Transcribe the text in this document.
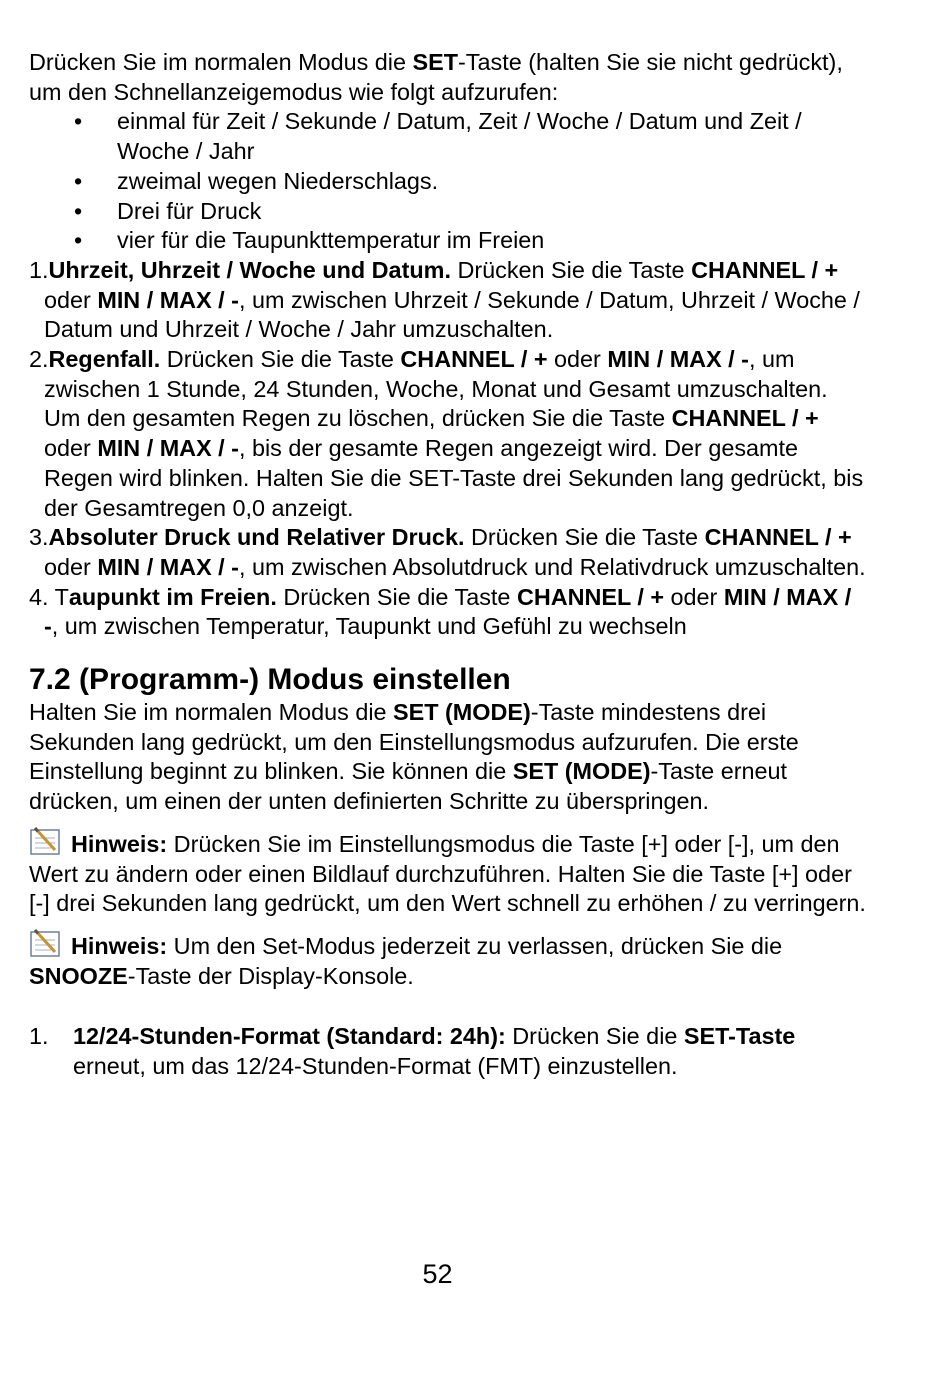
Drücken Sie im normalen Modus die SET-Taste (halten Sie sie nicht gedrückt), um den Schnellanzeigemodus wie folgt aufzurufen:

• einmal für Zeit / Sekunde / Datum, Zeit / Woche / Datum und Zeit / Woche / Jahr
• zweimal wegen Niederschlags.
• Drei für Druck
• vier für die Taupunkttemperatur im Freien

1.Uhrzeit, Uhrzeit / Woche und Datum. Drücken Sie die Taste CHANNEL / + oder MIN / MAX / -, um zwischen Uhrzeit / Sekunde / Datum, Uhrzeit / Woche / Datum und Uhrzeit / Woche / Jahr umzuschalten.

2.Regenfall. Drücken Sie die Taste CHANNEL / + oder MIN / MAX / -, um zwischen 1 Stunde, 24 Stunden, Woche, Monat und Gesamt umzuschalten. Um den gesamten Regen zu löschen, drücken Sie die Taste CHANNEL / + oder MIN / MAX / -, bis der gesamte Regen angezeigt wird. Der gesamte Regen wird blinken. Halten Sie die SET-Taste drei Sekunden lang gedrückt, bis der Gesamtregen 0,0 anzeigt.

3.Absoluter Druck und Relativer Druck. Drücken Sie die Taste CHANNEL / + oder MIN / MAX / -, um zwischen Absolutdruck und Relativdruck umzuschalten.

4. Taupunkt im Freien. Drücken Sie die Taste CHANNEL / + oder MIN / MAX / -, um zwischen Temperatur, Taupunkt und Gefühl zu wechseln

7.2 (Programm-) Modus einstellen

Halten Sie im normalen Modus die SET (MODE)-Taste mindestens drei Sekunden lang gedrückt, um den Einstellungsmodus aufzurufen. Die erste Einstellung beginnt zu blinken. Sie können die SET (MODE)-Taste erneut drücken, um einen der unten definierten Schritte zu überspringen.

Hinweis: Drücken Sie im Einstellungsmodus die Taste [+] oder [-], um den Wert zu ändern oder einen Bildlauf durchzuführen. Halten Sie die Taste [+] oder [-] drei Sekunden lang gedrückt, um den Wert schnell zu erhöhen / zu verringern.

Hinweis: Um den Set-Modus jederzeit zu verlassen, drücken Sie die SNOOZE-Taste der Display-Konsole.

1. 12/24-Stunden-Format (Standard: 24h): Drücken Sie die SET-Taste erneut, um das 12/24-Stunden-Format (FMT) einzustellen.

52
